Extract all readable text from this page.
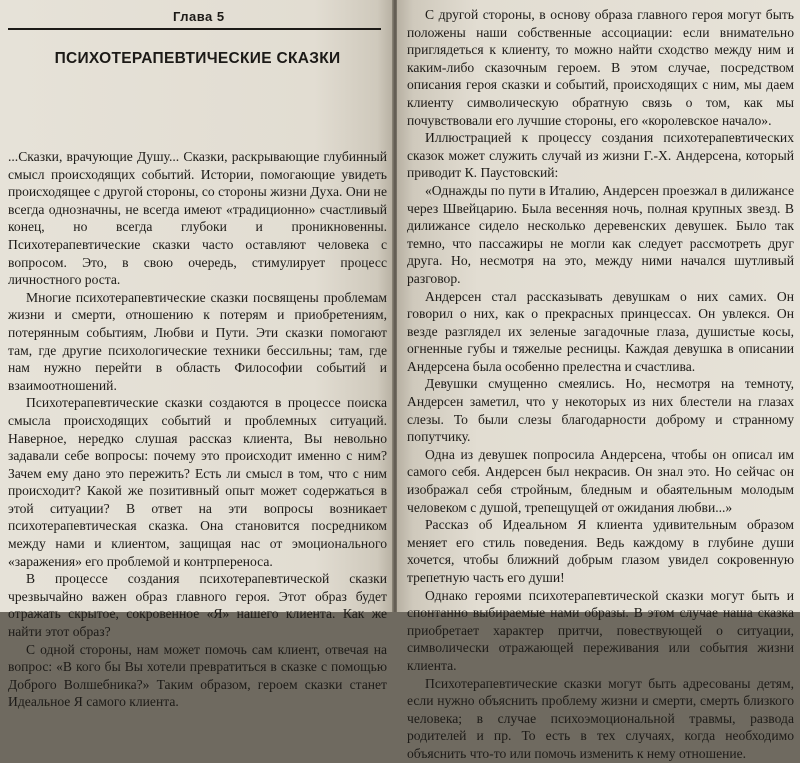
Глава 5
ПСИХОТЕРАПЕВТИЧЕСКИЕ СКАЗКИ

...Сказки, врачующие Душу... Сказки, раскрывающие глубинный смысл происходящих событий. Истории, помогающие увидеть происходящее с другой стороны, со стороны жизни Духа. Они не всегда однозначны, не всегда имеют «традиционно» счастливый конец, но всегда глубоки и проникновенны. Психотерапевтические сказки часто оставляют человека с вопросом. Это, в свою очередь, стимулирует процесс личностного роста.

Многие психотерапевтические сказки посвящены проблемам жизни и смерти, отношению к потерям и приобретениям, потерянным событиям, Любви и Пути. Эти сказки помогают там, где другие психологические техники бессильны; там, где нам нужно перейти в область Философии событий и взаимоотношений.

Психотерапевтические сказки создаются в процессе поиска смысла происходящих событий и проблемных ситуаций. Наверное, нередко слушая рассказ клиента, Вы невольно задавали себе вопросы: почему это происходит именно с ним? Зачем ему дано это пережить? Есть ли смысл в том, что с ним происходит? Какой же позитивный опыт может содержаться в этой ситуации? В ответ на эти вопросы возникает психотерапевтическая сказка. Она становится посредником между нами и клиентом, защищая нас от эмоционального «заражения» его проблемой и контрпереноса.

В процессе создания психотерапевтической сказки чрезвычайно важен образ главного героя. Этот образ будет отражать скрытое, сокровенное «Я» нашего клиента. Как же найти этот образ?

С одной стороны, нам может помочь сам клиент, отвечая на вопрос: «В кого бы Вы хотели превратиться в сказке с помощью Доброго Волшебника?» Таким образом, героем сказки станет Идеальное Я самого клиента.

С другой стороны, в основу образа главного героя могут быть положены наши собственные ассоциации: если внимательно приглядеться к клиенту, то можно найти сходство между ним и каким-либо сказочным героем. В этом случае, посредством описания героя сказки и событий, происходящих с ним, мы даем клиенту символическую обратную связь о том, как мы почувствовали его лучшие стороны, его «королевское начало».

Иллюстрацией к процессу создания психотерапевтических сказок может служить случай из жизни Г.-Х. Андерсена, который приводит К. Паустовский:

«Однажды по пути в Италию, Андерсен проезжал в дилижансе через Швейцарию. Была весенняя ночь, полная крупных звезд. В дилижансе сидело несколько деревенских девушек. Было так темно, что пассажиры не могли как следует рассмотреть друг друга. Но, несмотря на это, между ними начался шутливый разговор.

Андерсен стал рассказывать девушкам о них самих. Он говорил о них, как о прекрасных принцессах. Он увлекся. Он везде разглядел их зеленые загадочные глаза, душистые косы, огненные губы и тяжелые ресницы. Каждая девушка в описании Андерсена была особенно прелестна и счастлива.

Девушки смущенно смеялись. Но, несмотря на темноту, Андерсен заметил, что у некоторых из них блестели на глазах слезы. То были слезы благодарности доброму и странному попутчику.

Одна из девушек попросила Андерсена, чтобы он описал им самого себя. Андерсен был некрасив. Он знал это. Но сейчас он изображал себя стройным, бледным и обаятельным молодым человеком с душой, трепещущей от ожидания любви...»

Рассказ об Идеальном Я клиента удивительным образом меняет его стиль поведения. Ведь каждому в глубине души хочется, чтобы ближний добрым глазом увидел сокровенную трепетную часть его души!

Однако героями психотерапевтической сказки могут быть и спонтанно выбираемые нами образы. В этом случае наша сказка приобретает характер притчи, повествующей о ситуации, символически отражающей переживания или события жизни клиента.

Психотерапевтические сказки могут быть адресованы детям, если нужно объяснить проблему жизни и смерти, смерть близкого человека; в случае психоэмоциональной травмы, развода родителей и пр. То есть в тех случаях, когда необходимо объяснить что-то или помочь изменить к нему отношение.
